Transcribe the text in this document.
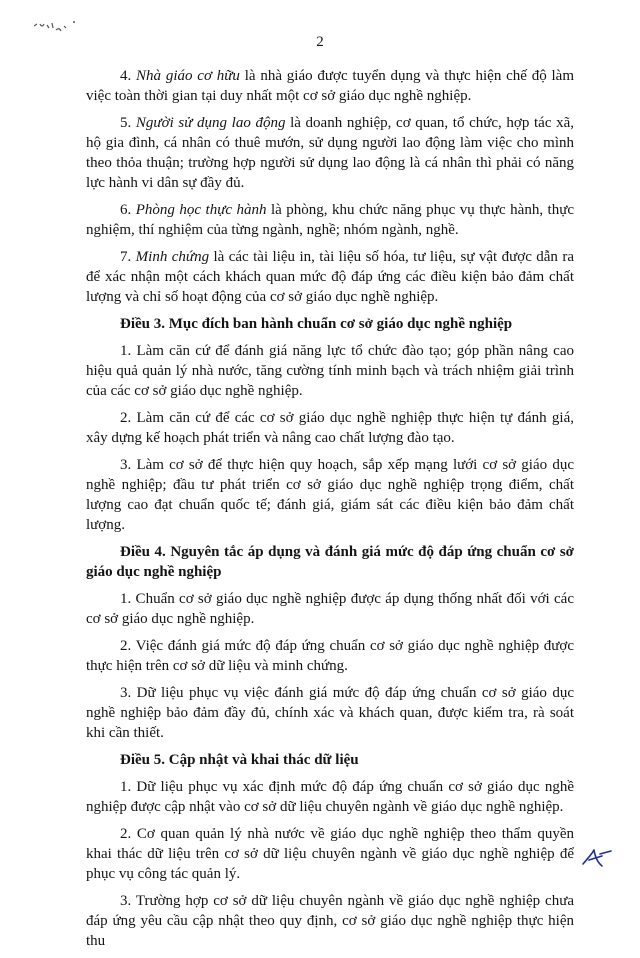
2

4. Nhà giáo cơ hữu là nhà giáo được tuyển dụng và thực hiện chế độ làm việc toàn thời gian tại duy nhất một cơ sở giáo dục nghề nghiệp.

5. Người sử dụng lao động là doanh nghiệp, cơ quan, tổ chức, hợp tác xã, hộ gia đình, cá nhân có thuê mướn, sử dụng người lao động làm việc cho mình theo thỏa thuận; trường hợp người sử dụng lao động là cá nhân thì phải có năng lực hành vi dân sự đầy đủ.

6. Phòng học thực hành là phòng, khu chức năng phục vụ thực hành, thực nghiệm, thí nghiệm của từng ngành, nghề; nhóm ngành, nghề.

7. Minh chứng là các tài liệu in, tài liệu số hóa, tư liệu, sự vật được dẫn ra để xác nhận một cách khách quan mức độ đáp ứng các điều kiện bảo đảm chất lượng và chỉ số hoạt động của cơ sở giáo dục nghề nghiệp.

Điều 3. Mục đích ban hành chuẩn cơ sở giáo dục nghề nghiệp

1. Làm căn cứ để đánh giá năng lực tổ chức đào tạo; góp phần nâng cao hiệu quả quản lý nhà nước, tăng cường tính minh bạch và trách nhiệm giải trình của các cơ sở giáo dục nghề nghiệp.

2. Làm căn cứ để các cơ sở giáo dục nghề nghiệp thực hiện tự đánh giá, xây dựng kế hoạch phát triển và nâng cao chất lượng đào tạo.

3. Làm cơ sở để thực hiện quy hoạch, sắp xếp mạng lưới cơ sở giáo dục nghề nghiệp; đầu tư phát triển cơ sở giáo dục nghề nghiệp trọng điểm, chất lượng cao đạt chuẩn quốc tế; đánh giá, giám sát các điều kiện bảo đảm chất lượng.

Điều 4. Nguyên tắc áp dụng và đánh giá mức độ đáp ứng chuẩn cơ sở giáo dục nghề nghiệp

1. Chuẩn cơ sở giáo dục nghề nghiệp được áp dụng thống nhất đối với các cơ sở giáo dục nghề nghiệp.

2. Việc đánh giá mức độ đáp ứng chuẩn cơ sở giáo dục nghề nghiệp được thực hiện trên cơ sở dữ liệu và minh chứng.

3. Dữ liệu phục vụ việc đánh giá mức độ đáp ứng chuẩn cơ sở giáo dục nghề nghiệp bảo đảm đầy đủ, chính xác và khách quan, được kiểm tra, rà soát khi cần thiết.

Điều 5. Cập nhật và khai thác dữ liệu

1. Dữ liệu phục vụ xác định mức độ đáp ứng chuẩn cơ sở giáo dục nghề nghiệp được cập nhật vào cơ sở dữ liệu chuyên ngành về giáo dục nghề nghiệp.

2. Cơ quan quản lý nhà nước về giáo dục nghề nghiệp theo thẩm quyền khai thác dữ liệu trên cơ sở dữ liệu chuyên ngành về giáo dục nghề nghiệp để phục vụ công tác quản lý.

3. Trường hợp cơ sở dữ liệu chuyên ngành về giáo dục nghề nghiệp chưa đáp ứng yêu cầu cập nhật theo quy định, cơ sở giáo dục nghề nghiệp thực hiện thu
